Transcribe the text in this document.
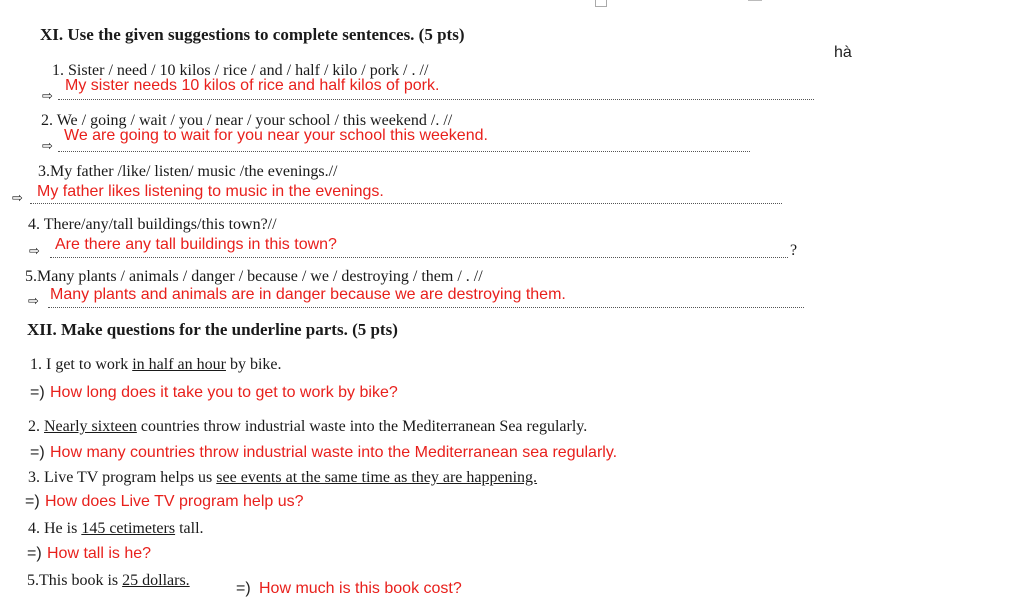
hà
XI. Use the given suggestions to complete sentences. (5 pts)
1. Sister / need / 10 kilos / rice / and / half / kilo / pork / . //
⇨
My sister needs 10 kilos of rice and half kilos of pork.
2. We / going / wait / you / near / your school / this weekend /. //
⇨
We are going to wait for you near your school this weekend.
3.My father /like/ listen/ music /the evenings.//
⇨ My father likes listening to music in the evenings.
4. There/any/tall buildings/this town?//
⇨ Are there any tall buildings in this town?	?
5.Many plants / animals / danger / because / we / destroying / them / . //
⇨ Many plants and animals are in danger because we are destroying them.
XII. Make questions for the underline parts. (5 pts)
1. I get to work in half an hour by bike.
=) How long does it take you to get to work by bike?
2. Nearly sixteen countries throw industrial waste into the Mediterranean Sea regularly.
=) How many countries throw industrial waste into the Mediterranean sea regularly.
3. Live TV program helps us see events at the same time as they are happening.
=) How does Live TV program help us?
4. He is 145 cetimeters tall.
=) How tall is he?
5.This book is 25 dollars.	=) How much is this book cost?
